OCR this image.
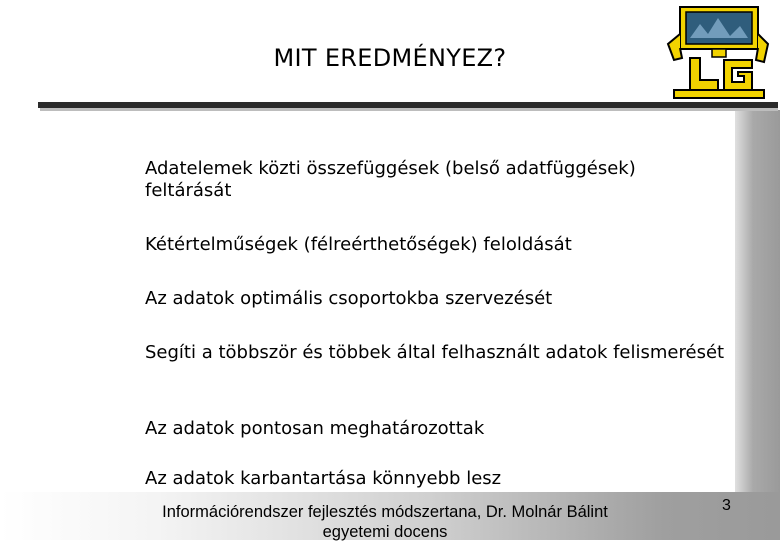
MIT EREDMÉNYEZ?
Adatelemek közti összefüggések (belső adatfüggések) feltárását
Kétértelműségek (félreérthetőségek) feloldását
Az adatok optimális csoportokba szervezését
Segíti a többször és többek által felhasznált adatok felismerését
Az adatok pontosan meghatározottak
Az adatok karbantartása könnyebb lesz
Információrendszer fejlesztés módszertana, Dr. Molnár Bálint egyetemi docens
3
